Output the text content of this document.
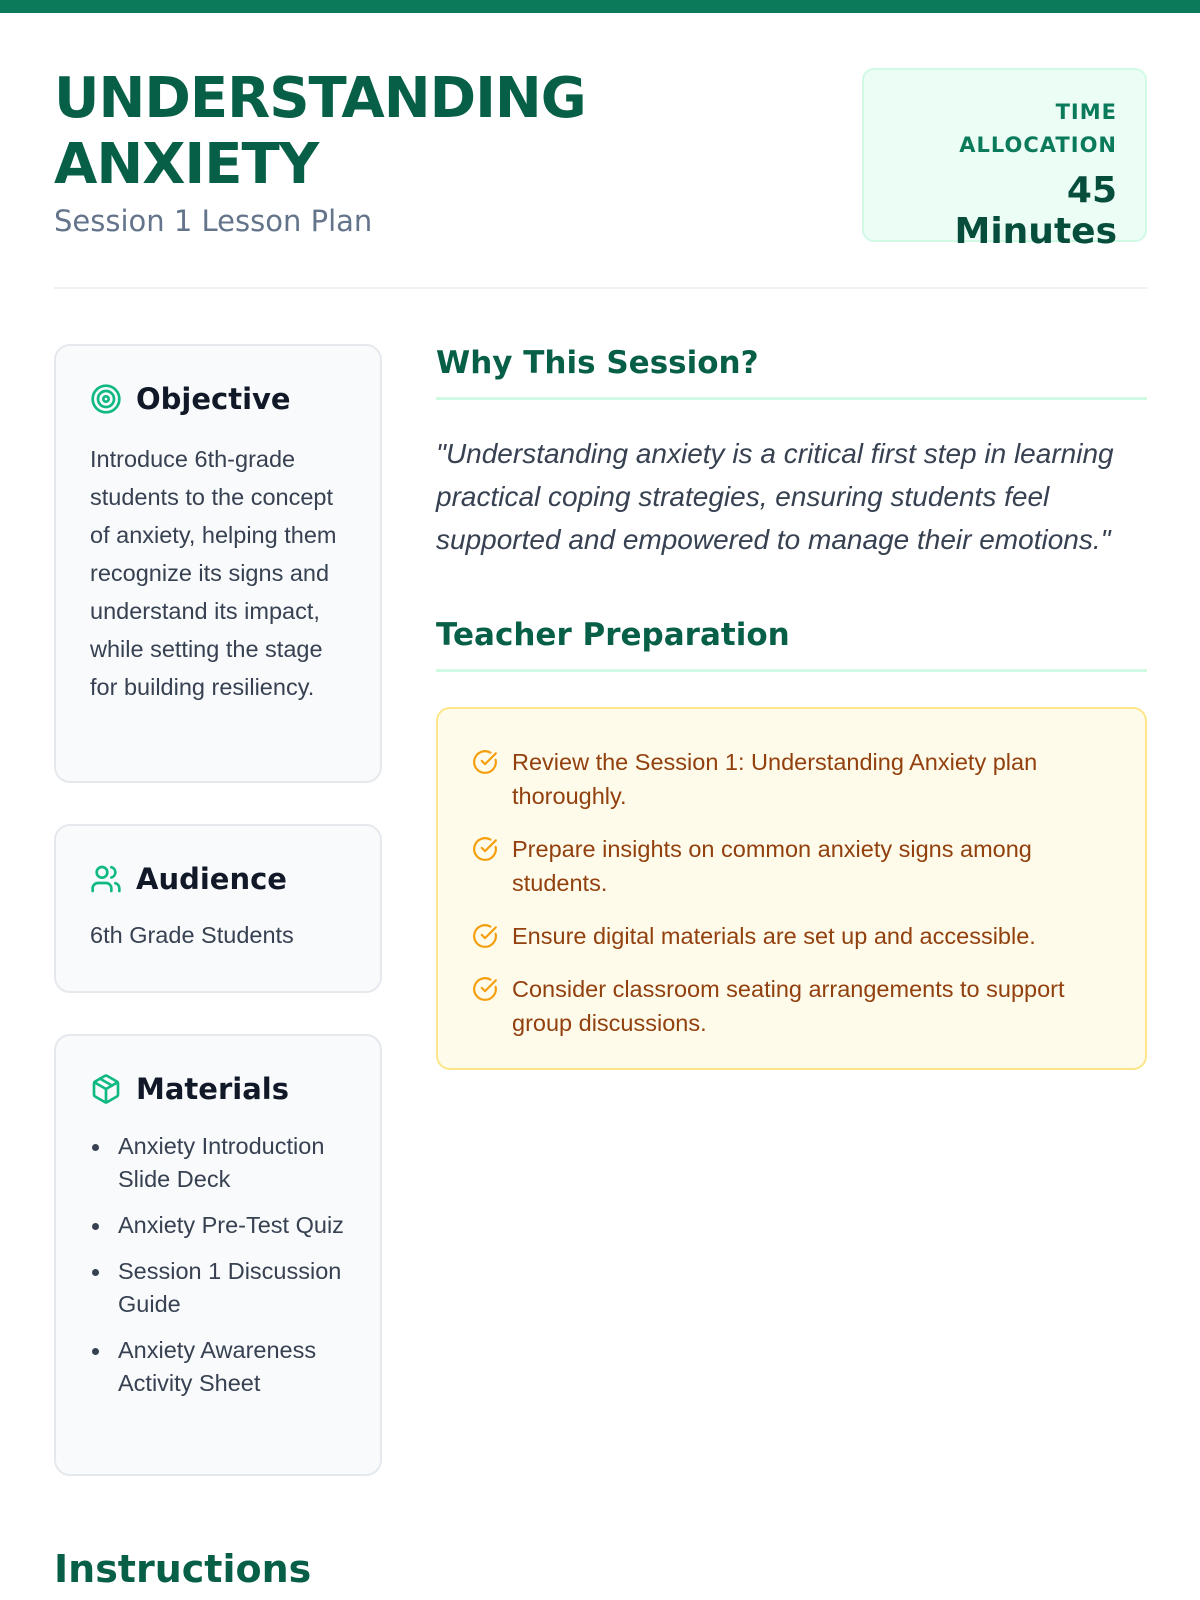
UNDERSTANDING
ANXIETY
Session 1 Lesson Plan
TIME ALLOCATION
45 Minutes
Objective
Introduce 6th-grade students to the concept of anxiety, helping them recognize its signs and understand its impact, while setting the stage for building resiliency.
Audience
6th Grade Students
Materials
Anxiety Introduction Slide Deck
Anxiety Pre-Test Quiz
Session 1 Discussion Guide
Anxiety Awareness Activity Sheet
Why This Session?
"Understanding anxiety is a critical first step in learning practical coping strategies, ensuring students feel supported and empowered to manage their emotions."
Teacher Preparation
Review the Session 1: Understanding Anxiety plan thoroughly.
Prepare insights on common anxiety signs among students.
Ensure digital materials are set up and accessible.
Consider classroom seating arrangements to support group discussions.
Instructions
